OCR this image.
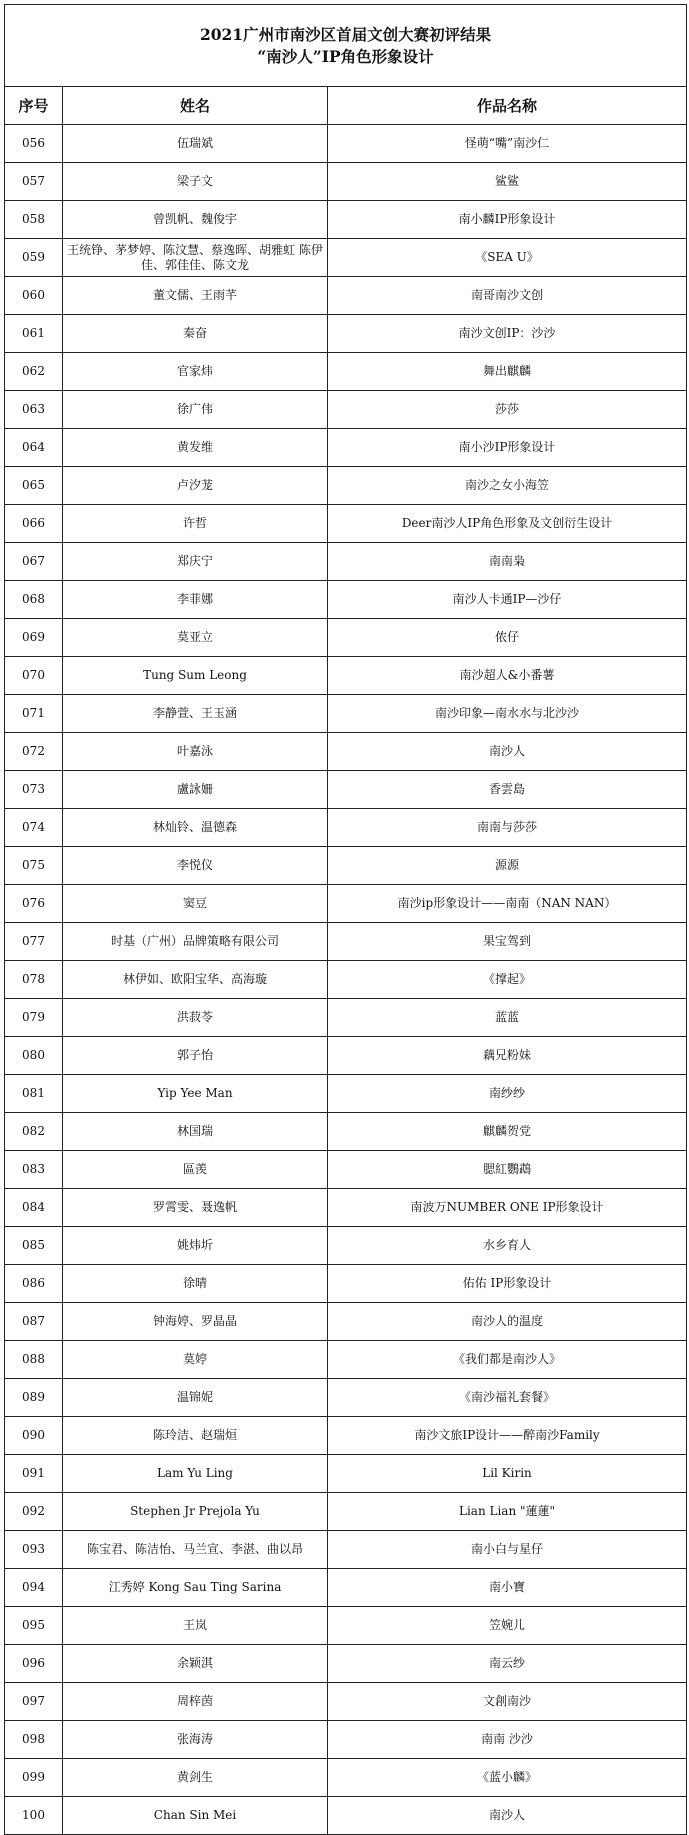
2021广州市南沙区首届文创大赛初评结果
“南沙人”IP角色形象设计		

序号	姓名	作品名称
056	伍瑞斌	怪萌“嘴”南沙仁
057	梁子文	鲨鲨
058	曾凯帆、魏俊宇	南小麟IP形象设计
059	王统铮、茅梦婷、陈汶慧、蔡逸晖、胡雅虹 陈伊佳、郭佳佳、陈文龙	《SEA U》
060	董文儒、王雨芊	南哥南沙文创
061	秦奋	南沙文创IP：沙沙
062	官家炜	舞出麒麟
063	徐广伟	莎莎
064	黄发维	南小沙IP形象设计
065	卢汐茏	南沙之女小海笠
066	许哲	Deer南沙人IP角色形象及文创衍生设计
067	郑庆宁	南南枭
068	李菲娜	南沙人卡通IP—沙仔
069	莫亚立	侬仔
070	Tung Sum Leong	南沙超人&小番薯
071	李静萱、王玉涵	南沙印象—南水水与北沙沙
072	叶嘉泳	南沙人
073	盧詠姍	香雲島
074	林灿铃、温德森	南南与莎莎
075	李悦仪	源源
076	窦豆	南沙ip形象设计——南南（NAN NAN）
077	时基（广州）品牌策略有限公司	果宝驾到
078	林伊如、欧阳宝华、高海璇	《撑起》
079	洪菽苓	蓝蓝
080	郭子怡	藕兄粉妹
081	Yip Yee Man	南纱纱
082	林国瑞	麒麟贺党
083	區羡	腮紅鸚鵡
084	罗霄雯、聂逸帆	南波万NUMBER ONE IP形象设计
085	姚炜圻	水乡育人
086	徐晴	佑佑 IP形象设计
087	钟海婷、罗晶晶	南沙人的温度
088	莫婷	《我们都是南沙人》
089	温锦妮	《南沙福礼套餐》
090	陈玲洁、赵瑞烜	南沙文旅IP设计——醉南沙Family
091	Lam Yu Ling	Lil Kirin
092	Stephen Jr Prejola Yu	Lian Lian "蓮蓮"
093	陈宝君、陈洁怡、马兰宣、李湛、曲以昂	南小白与星仔
094	江秀婷 Kong Sau Ting Sarina	南小寶
095	王岚	笠婉儿
096	余颖淇	南云纱
097	周梓茵	文創南沙
098	张海涛	南南 沙沙
099	黄剑生	《蓝小麟》
100	Chan Sin Mei	南沙人
